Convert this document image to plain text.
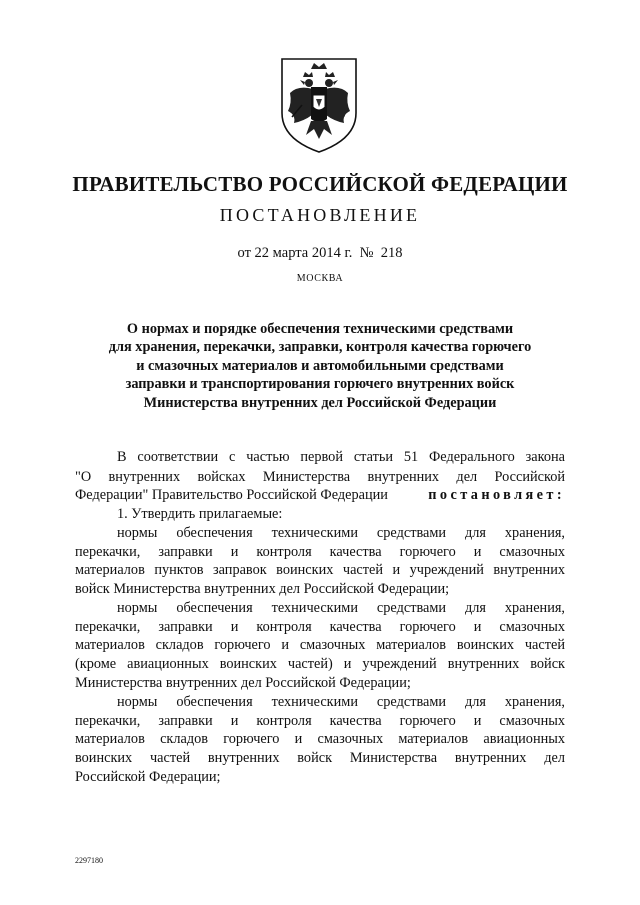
ПРАВИТЕЛЬСТВО РОССИЙСКОЙ ФЕДЕРАЦИИ
ПОСТАНОВЛЕНИЕ
от 22 марта 2014 г.  №  218
МОСКВА
О нормах и порядке обеспечения техническими средствами
для хранения, перекачки, заправки, контроля качества горючего
и смазочных материалов и автомобильными средствами
заправки и транспортирования горючего внутренних войск
Министерства внутренних дел Российской Федерации
В соответствии с частью первой статьи 51 Федерального закона
"О внутренних войсках Министерства внутренних дел Российской
Федерации" Правительство Российской Федерации	постановляет:
1. Утвердить прилагаемые:
нормы обеспечения техническими средствами для хранения,
перекачки, заправки и контроля качества горючего и смазочных
материалов пунктов заправок воинских частей и учреждений внутренних
войск Министерства внутренних дел Российской Федерации;
нормы обеспечения техническими средствами для хранения,
перекачки, заправки и контроля качества горючего и смазочных
материалов складов горючего и смазочных материалов воинских частей
(кроме авиационных воинских частей) и учреждений внутренних войск
Министерства внутренних дел Российской Федерации;
нормы обеспечения техническими средствами для хранения,
перекачки, заправки и контроля качества горючего и смазочных
материалов складов горючего и смазочных материалов авиационных
воинских частей внутренних войск Министерства внутренних дел
Российской Федерации;
2297180
